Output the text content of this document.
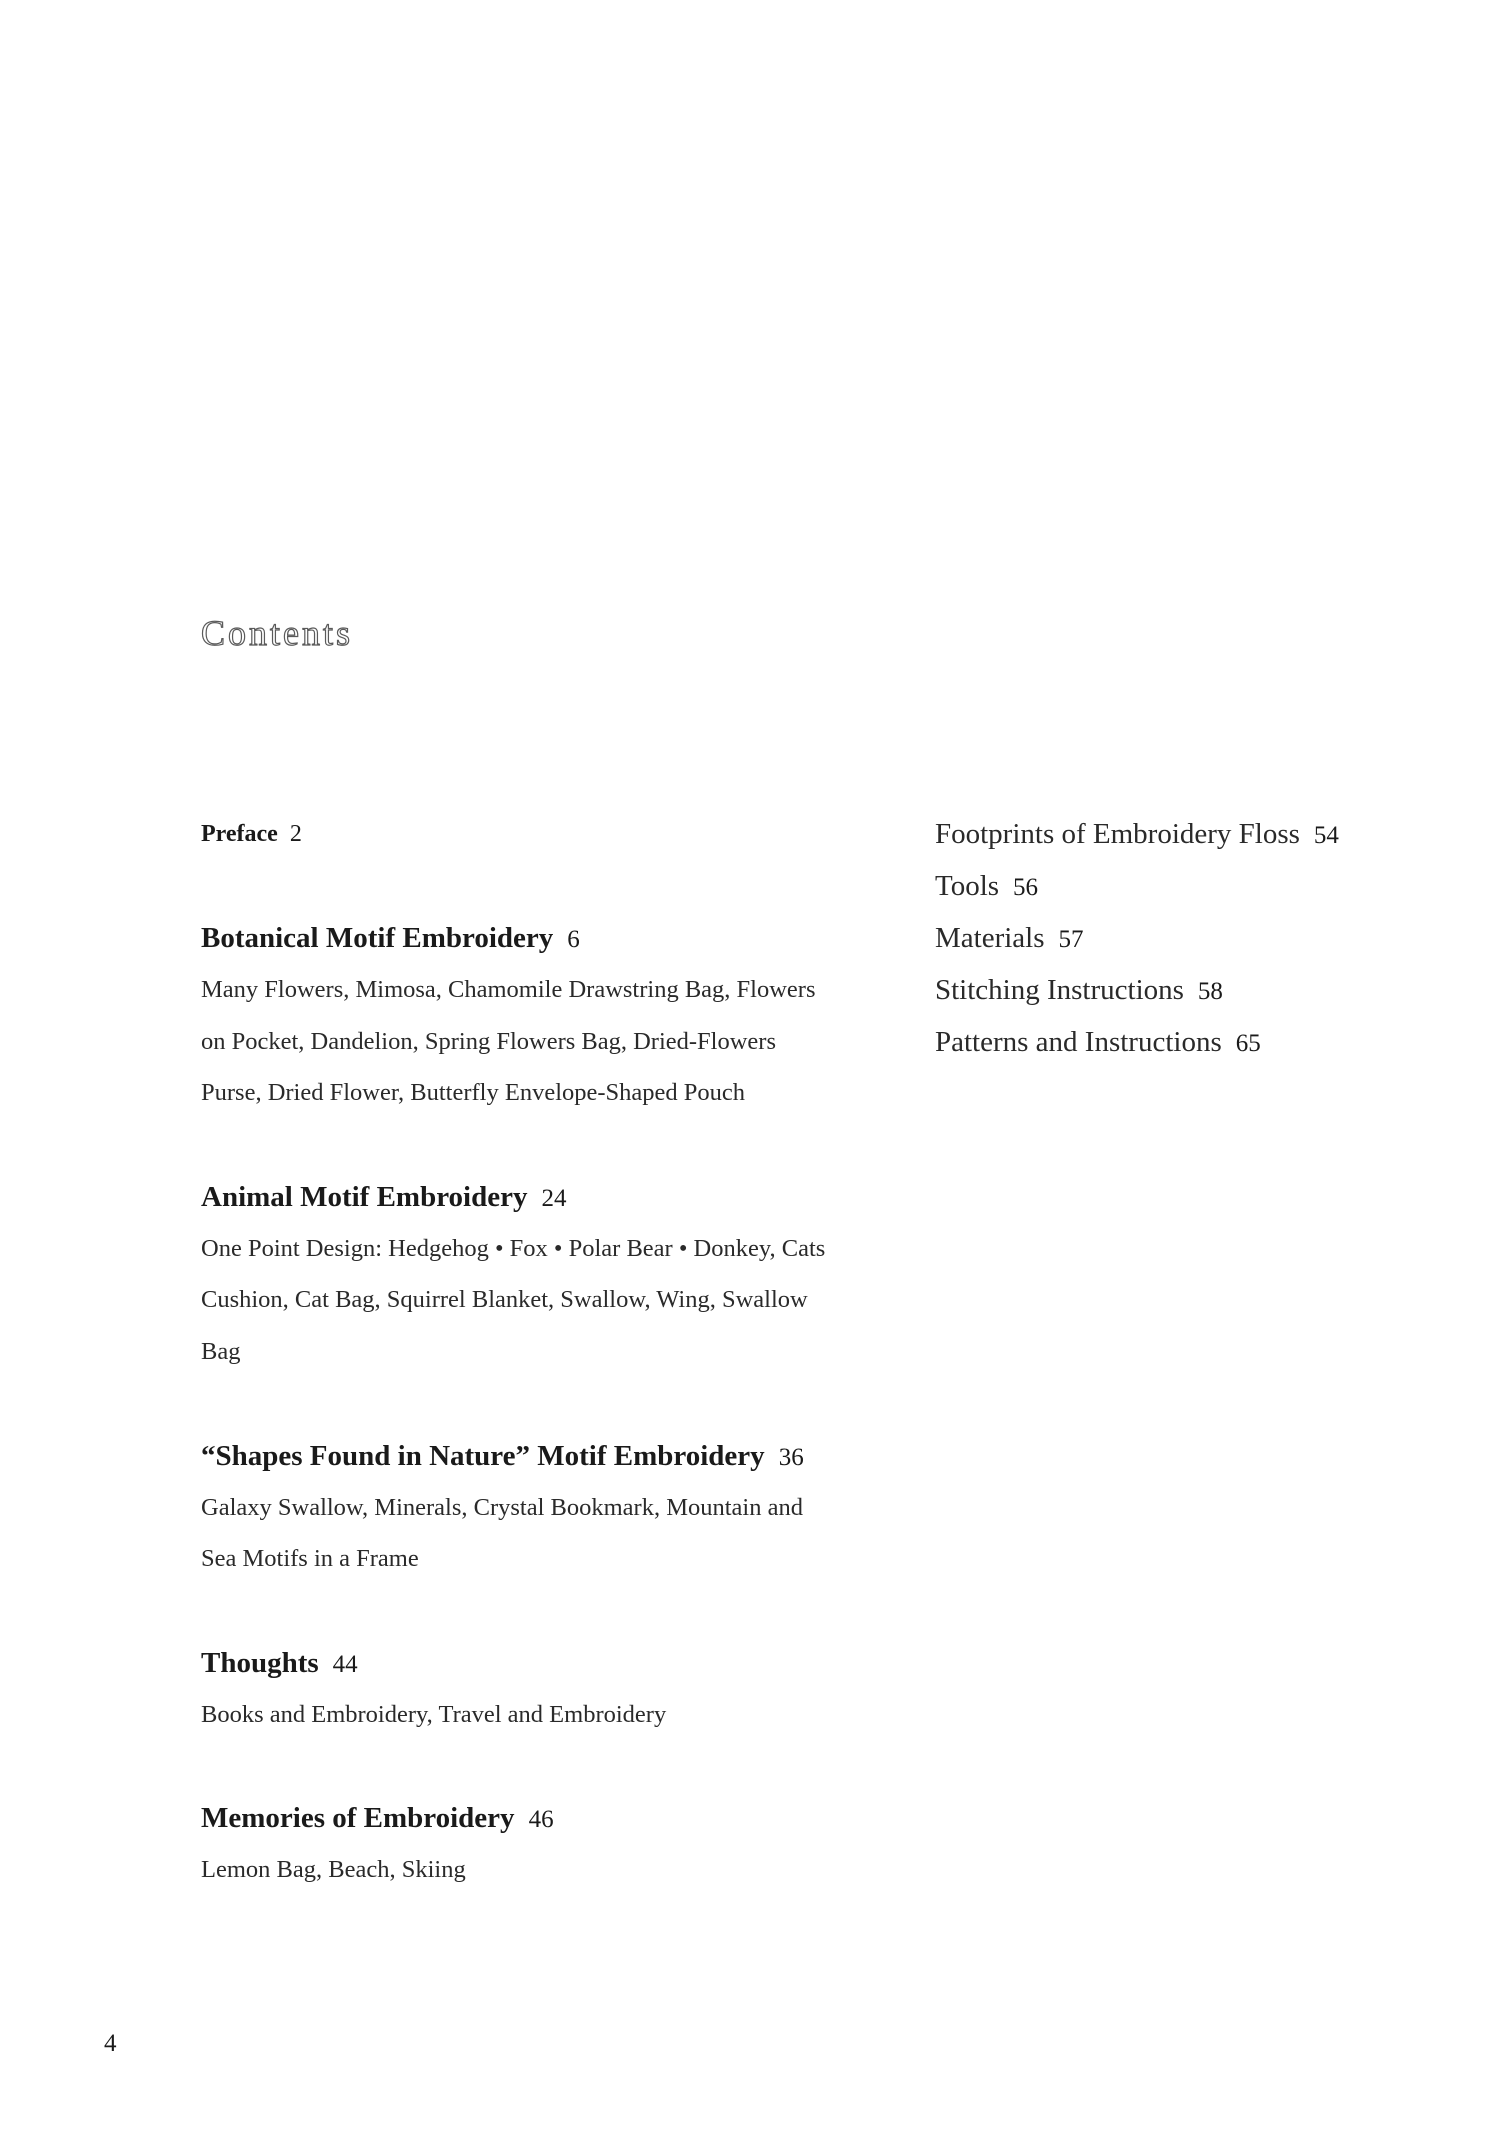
Contents
Preface 2
Botanical Motif Embroidery 6

Many Flowers, Mimosa, Chamomile Drawstring Bag, Flowers on Pocket, Dandelion, Spring Flowers Bag, Dried-Flowers Purse, Dried Flower, Butterfly Envelope-Shaped Pouch

Animal Motif Embroidery 24

One Point Design: Hedgehog • Fox • Polar Bear • Donkey, Cats Cushion, Cat Bag, Squirrel Blanket, Swallow, Wing, Swallow Bag

“Shapes Found in Nature” Motif Embroidery 36

Galaxy Swallow, Minerals, Crystal Bookmark, Mountain and Sea Motifs in a Frame

Thoughts 44

Books and Embroidery, Travel and Embroidery

Memories of Embroidery 46

Lemon Bag, Beach, Skiing

Footprints of Embroidery Floss 54
Tools 56
Materials 57
Stitching Instructions 58
Patterns and Instructions 65
4
